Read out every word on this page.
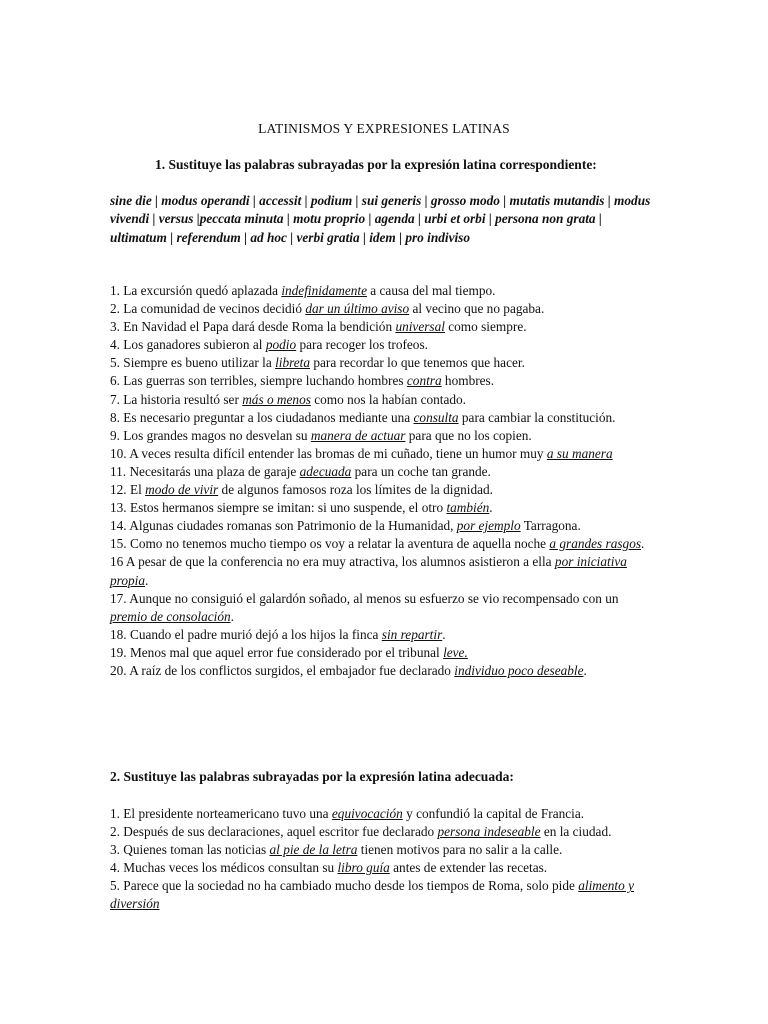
LATINISMOS Y EXPRESIONES LATINAS
1. Sustituye las palabras subrayadas por la expresión latina correspondiente:
sine die | modus operandi | accessit | podium | sui generis | grosso modo | mutatis mutandis | modus vivendi | versus |peccata minuta | motu proprio | agenda | urbi et orbi | persona non grata | ultimatum | referendum | ad hoc | verbi gratia | idem | pro indiviso

1. La excursión quedó aplazada indefinidamente a causa del mal tiempo.

2. La comunidad de vecinos decidió dar un último aviso al vecino que no pagaba.

3. En Navidad el Papa dará desde Roma la bendición universal como siempre.

4. Los ganadores subieron al podio para recoger los trofeos.

5. Siempre es bueno utilizar la libreta para recordar lo que tenemos que hacer.

6. Las guerras son terribles, siempre luchando hombres contra hombres.

7. La historia resultó ser más o menos como nos la habían contado.

8. Es necesario preguntar a los ciudadanos mediante una consulta para cambiar la constitución.

9. Los grandes magos no desvelan su manera de actuar para que no los copien.

10. A veces resulta difícil entender las bromas de mi cuñado, tiene un humor muy a su manera

11. Necesitarás una plaza de garaje adecuada para un coche tan grande.

12. El modo de vivir de algunos famosos roza los límites de la dignidad.

13. Estos hermanos siempre se imitan: si uno suspende, el otro también.

14. Algunas ciudades romanas son Patrimonio de la Humanidad, por ejemplo Tarragona.

15. Como no tenemos mucho tiempo os voy a relatar la aventura de aquella noche a grandes rasgos.

16 A pesar de que la conferencia no era muy atractiva, los alumnos asistieron a ella por iniciativa propia.

17. Aunque no consiguió el galardón soñado, al menos su esfuerzo se vio recompensado con un premio de consolación.

18. Cuando el padre murió dejó a los hijos la finca sin repartir.

19. Menos mal que aquel error fue considerado por el tribunal leve.

20. A raíz de los conflictos surgidos, el embajador fue declarado individuo poco deseable.

2. Sustituye las palabras subrayadas por la expresión latina adecuada:

1. El presidente norteamericano tuvo una equivocación y confundió la capital de Francia.

2. Después de sus declaraciones, aquel escritor fue declarado persona indeseable en la ciudad.

3. Quienes toman las noticias al pie de la letra tienen motivos para no salir a la calle.

4. Muchas veces los médicos consultan su libro guía antes de extender las recetas.

5. Parece que la sociedad no ha cambiado mucho desde los tiempos de Roma, solo pide alimento y diversión
